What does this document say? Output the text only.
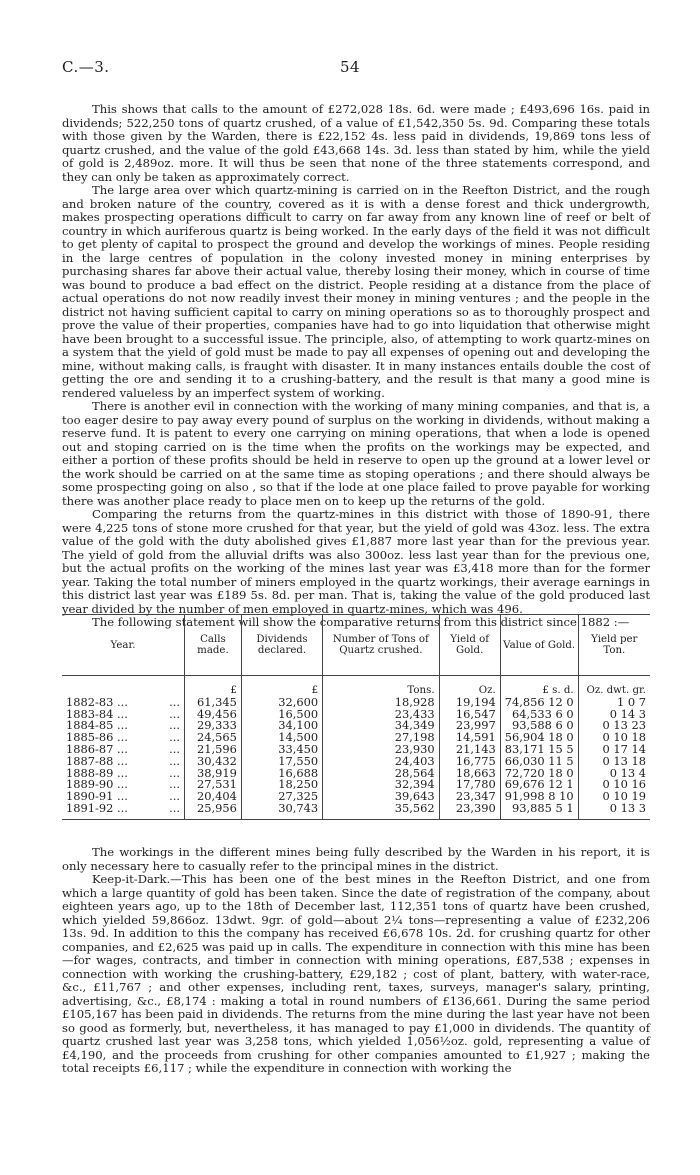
54
C.—3.

This shows that calls to the amount of £272,028 18s. 6d. were made ; £493,696 16s. paid in dividends; 522,250 tons of quartz crushed, of a value of £1,542,350 5s. 9d. Comparing these totals with those given by the Warden, there is £22,152 4s. less paid in dividends, 19,869 tons less of quartz crushed, and the value of the gold £43,668 14s. 3d. less than stated by him, while the yield of gold is 2,489oz. more. It will thus be seen that none of the three statements correspond, and they can only be taken as approximately correct.

The large area over which quartz-mining is carried on in the Reefton District, and the rough and broken nature of the country, covered as it is with a dense forest and thick undergrowth, makes prospecting operations difficult to carry on far away from any known line of reef or belt of country in which auriferous quartz is being worked. In the early days of the field it was not difficult to get plenty of capital to prospect the ground and develop the workings of mines. People residing in the large centres of population in the colony invested money in mining enterprises by purchasing shares far above their actual value, thereby losing their money, which in course of time was bound to produce a bad effect on the district. People residing at a distance from the place of actual operations do not now readily invest their money in mining ventures ; and the people in the district not having sufficient capital to carry on mining operations so as to thoroughly prospect and prove the value of their properties, companies have had to go into liquidation that otherwise might have been brought to a successful issue. The principle, also, of attempting to work quartz-mines on a system that the yield of gold must be made to pay all expenses of opening out and developing the mine, without making calls, is fraught with disaster. It in many instances entails double the cost of getting the ore and sending it to a crushing-battery, and the result is that many a good mine is rendered valueless by an imperfect system of working.

There is another evil in connection with the working of many mining companies, and that is, a too eager desire to pay away every pound of surplus on the working in dividends, without making a reserve fund. It is patent to every one carrying on mining operations, that when a lode is opened out and stoping carried on is the time when the profits on the workings may be expected, and either a portion of these profits should be held in reserve to open up the ground at a lower level or the work should be carried on at the same time as stoping operations ; and there should always be some prospecting going on also , so that if the lode at one place failed to prove payable for working there was another place ready to place men on to keep up the returns of the gold.

Comparing the returns from the quartz-mines in this district with those of 1890-91, there were 4,225 tons of stone more crushed for that year, but the yield of gold was 43oz. less. The extra value of the gold with the duty abolished gives £1,887 more last year than for the previous year. The yield of gold from the alluvial drifts was also 300oz. less last year than for the previous one, but the actual profits on the working of the mines last year was £3,418 more than for the former year. Taking the total number of miners employed in the quartz workings, their average earnings in this district last year was £189 5s. 8d. per man. That is, taking the value of the gold produced last year divided by the number of men employed in quartz-mines, which was 496.

The following statement will show the comparative returns from this district since 1882 :—

Year.	Calls made.	Dividends declared.	Number of Tons of Quartz crushed.	Yield of Gold.	Value of Gold.	Yield per Ton.
	£	£	Tons.	Oz.	£ s. d.	Oz. dwt. gr.

...
1882-83 ...	61,345	32,600	18,928	19,194	74,856 12 0	1 0 7

...
1883-84 ...	49,456	16,500	23,433	16,547	64,533 6 0	0 14 3

...
1884-85 ...	29,333	34,100	34,349	23,997	93,588 6 0	0 13 23

...
1885-86 ...	24,565	14,500	27,198	14,591	56,904 18 0	0 10 18

...
1886-87 ...	21,596	33,450	23,930	21,143	83,171 15 5	0 17 14

...
1887-88 ...	30,432	17,550	24,403	16,775	66,030 11 5	0 13 18

...
1888-89 ...	38,919	16,688	28,564	18,663	72,720 18 0	0 13 4

...
1889-90 ...	27,531	18,250	32,394	17,780	69,676 12 1	0 10 16

...
1890-91 ...	20,404	27,325	39,643	23,347	91,998 8 10	0 10 19

...
1891-92 ...	25,956	30,743	35,562	23,390	93,885 5 1	0 13 3

The workings in the different mines being fully described by the Warden in his report, it is only necessary here to casually refer to the principal mines in the district.

Keep-it-Dark.—This has been one of the best mines in the Reefton District, and one from which a large quantity of gold has been taken. Since the date of registration of the company, about eighteen years ago, up to the 18th of December last, 112,351 tons of quartz have been crushed, which yielded 59,866oz. 13dwt. 9gr. of gold—about 2¼ tons—representing a value of £232,206 13s. 9d. In addition to this the company has received £6,678 10s. 2d. for crushing quartz for other companies, and £2,625 was paid up in calls. The expenditure in connection with this mine has been—for wages, contracts, and timber in connection with mining operations, £87,538 ; expenses in connection with working the crushing-battery, £29,182 ; cost of plant, battery, with water-race, &c., £11,767 ; and other expenses, including rent, taxes, surveys, manager's salary, printing, advertising, &c., £8,174 : making a total in round numbers of £136,661. During the same period £105,167 has been paid in dividends. The returns from the mine during the last year have not been so good as formerly, but, nevertheless, it has managed to pay £1,000 in dividends. The quantity of quartz crushed last year was 3,258 tons, which yielded 1,056½oz. gold, representing a value of £4,190, and the proceeds from crushing for other companies amounted to £1,927 ; making the total receipts £6,117 ; while the expenditure in connection with working the
